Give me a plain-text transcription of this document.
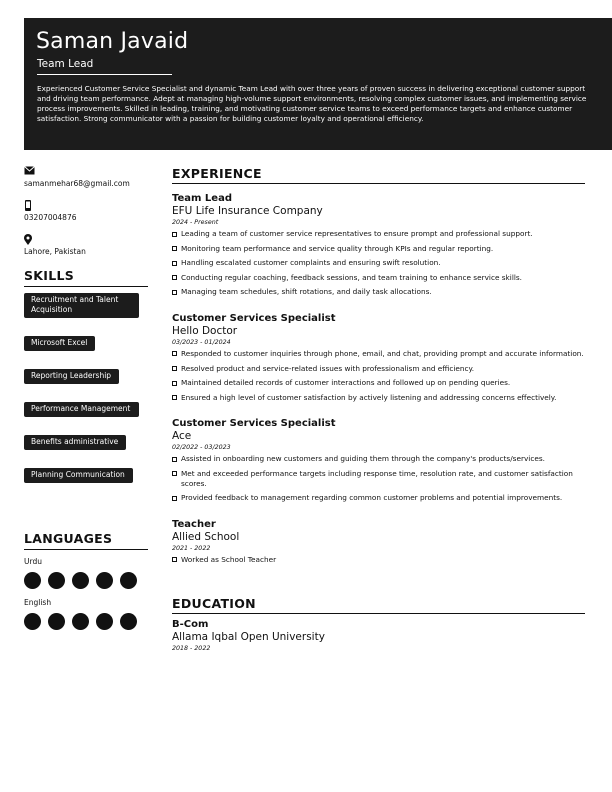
Saman Javaid
Team Lead
Experienced Customer Service Specialist and dynamic Team Lead with over three years of proven success in delivering exceptional customer support and driving team performance. Adept at managing high-volume support environments, resolving complex customer issues, and implementing service process improvements. Skilled in leading, training, and motivating customer service teams to exceed performance targets and enhance customer satisfaction. Strong communicator with a passion for building customer loyalty and operational efficiency.
samanmehar68@gmail.com
03207004876
Lahore, Pakistan
SKILLS
Recruitment and Talent Acquisition
Microsoft Excel
Reporting Leadership
Performance Management
Benefits administrative
Planning Communication
LANGUAGES
Urdu
English
EXPERIENCE
Team Lead
EFU Life Insurance Company
2024 - Present
Leading a team of customer service representatives to ensure prompt and professional support.
Monitoring team performance and service quality through KPIs and regular reporting.
Handling escalated customer complaints and ensuring swift resolution.
Conducting regular coaching, feedback sessions, and team training to enhance service skills.
Managing team schedules, shift rotations, and daily task allocations.
Customer Services Specialist
Hello Doctor
03/2023 - 01/2024
Responded to customer inquiries through phone, email, and chat, providing prompt and accurate information.
Resolved product and service-related issues with professionalism and efficiency.
Maintained detailed records of customer interactions and followed up on pending queries.
Ensured a high level of customer satisfaction by actively listening and addressing concerns effectively.
Customer Services Specialist
Ace
02/2022 - 03/2023
Assisted in onboarding new customers and guiding them through the company's products/services.
Met and exceeded performance targets including response time, resolution rate, and customer satisfaction scores.
Provided feedback to management regarding common customer problems and potential improvements.
Teacher
Allied School
2021 - 2022
Worked as School Teacher
EDUCATION
B-Com
Allama Iqbal Open University
2018 - 2022
